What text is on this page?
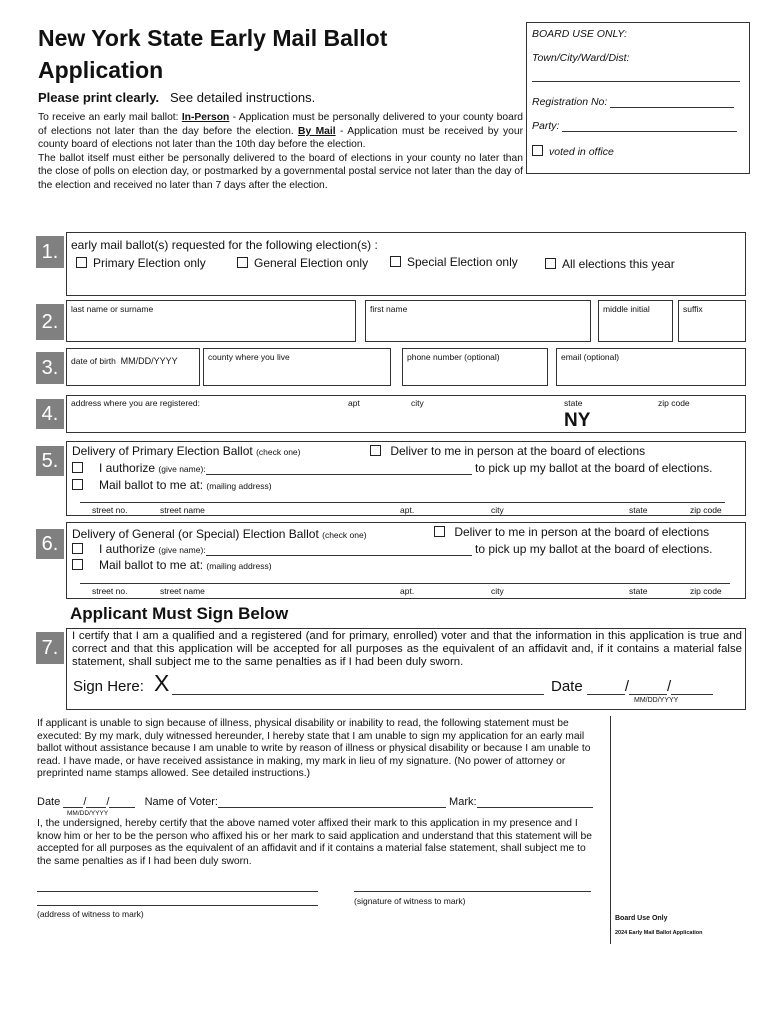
New York State Early Mail Ballot
Application
Please print clearly. See detailed instructions.
To receive an early mail ballot: In-Person - Application must be personally delivered to your county board of elections not later than the day before the election. By Mail - Application must be received by your county board of elections not later than the 10th day before the election.
The ballot itself must either be personally delivered to the board of elections in your county no later than the close of polls on election day, or postmarked by a governmental postal service not later than the day of the election and received no later than 7 days after the election.
BOARD USE ONLY:
Town/City/Ward/Dist:
Registration No:
Party:
voted in office
1.	early mail ballot(s) requested for the following election(s) :
Primary Election only	General Election only	Special Election only	All elections this year
2.
last name or surname	first name	middle initial	suffix
3.	date of birth MM/DD/YYYY	county where you live	phone number (optional)	email (optional)
4.	address where you are registered:	apt	city	state	zip code
NY
5.	Delivery of Primary Election Ballot (check one)	Deliver to me in person at the board of elections
I authorize (give name):	to pick up my ballot at the board of elections.
Mail ballot to me at: (mailing address)
street no.	street name	apt.	city	state	zip code
6.	Delivery of General (or Special) Election Ballot (check one)	Deliver to me in person at the board of elections
I authorize (give name):	to pick up my ballot at the board of elections.
Mail ballot to me at: (mailing address)
street no.	street name	apt.	city	state	zip code
Applicant Must Sign Below
7.
I certify that I am a qualified and a registered (and for primary, enrolled) voter and that the information in this application is true and correct and that this application will be accepted for all purposes as the equivalent of an affidavit and, if it contains a material false statement, shall subject me to the same penalties as if I had been duly sworn.
Sign Here: X	Date	/	/
MM/DD/YYYY
If applicant is unable to sign because of illness, physical disability or inability to read, the following statement must be executed: By my mark, duly witnessed hereunder, I hereby state that I am unable to sign my application for an early mail ballot without assistance because I am unable to write by reason of illness or physical disability or because I am unable to read. I have made, or have received assistance in making, my mark in lieu of my signature. (No power of attorney or preprinted name stamps allowed. See detailed instructions.)
Date / /	Name of Voter:	Mark:
MM/DD/YYYY
I, the undersigned, hereby certify that the above named voter affixed their mark to this application in my presence and I know him or her to be the person who affixed his or her mark to said application and understand that this statement will be accepted for all purposes as the equivalent of an affidavit and if it contains a material false statement, shall subject me to the same penalties as if I had been duly sworn.
(address of witness to mark)
(signature of witness to mark)
Board Use Only
2024 Early Mail Ballot Application
